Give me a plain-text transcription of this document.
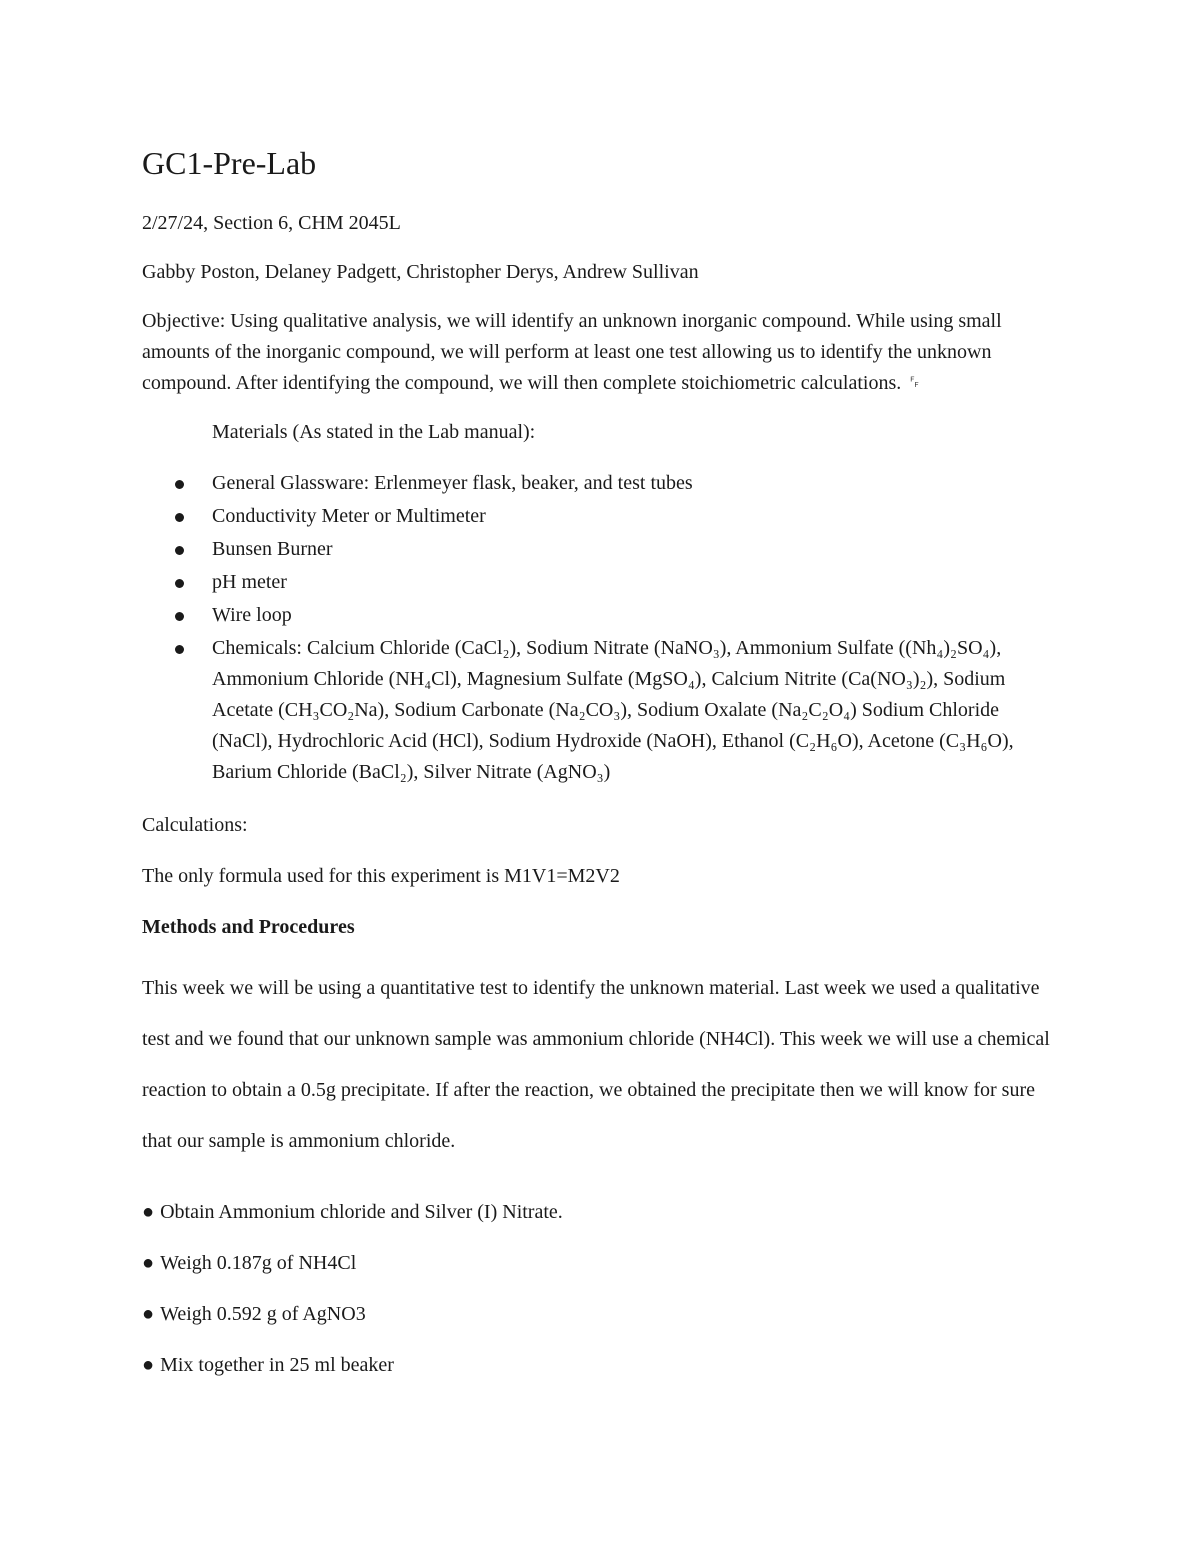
GC1-Pre-Lab

2/27/24, Section 6, CHM 2045L

Gabby Poston, Delaney Padgett, Christopher Derys, Andrew Sullivan

Objective: Using qualitative analysis, we will identify an unknown inorganic compound. While using small amounts of the inorganic compound, we will perform at least one test allowing us to identify the unknown compound. After identifying the compound, we will then complete stoichiometric calculations. ␌

Materials (As stated in the Lab manual):

General Glassware: Erlenmeyer flask, beaker, and test tubes
Conductivity Meter or Multimeter
Bunsen Burner
pH meter
Wire loop
Chemicals: Calcium Chloride (CaCl₂), Sodium Nitrate (NaNO₃), Ammonium Sulfate ((Nh₄)₂SO₄), Ammonium Chloride (NH₄Cl), Magnesium Sulfate (MgSO₄), Calcium Nitrite (Ca(NO₃)₂), Sodium Acetate (CH₃CO₂Na), Sodium Carbonate (Na₂CO₃), Sodium Oxalate (Na₂C₂O₄) Sodium Chloride (NaCl), Hydrochloric Acid (HCl), Sodium Hydroxide (NaOH), Ethanol (C₂H₆O), Acetone (C₃H₆O), Barium Chloride (BaCl₂), Silver Nitrate (AgNO₃)

Calculations:

The only formula used for this experiment is M1V1=M2V2

Methods and Procedures

This week we will be using a quantitative test to identify the unknown material. Last week we used a qualitative test and we found that our unknown sample was ammonium chloride (NH4Cl). This week we will use a chemical reaction to obtain a 0.5g precipitate. If after the reaction, we obtained the precipitate then we will know for sure that our sample is ammonium chloride.

● Obtain Ammonium chloride and Silver (I) Nitrate.

● Weigh 0.187g of NH4Cl

● Weigh 0.592 g of AgNO3

● Mix together in 25 ml beaker
